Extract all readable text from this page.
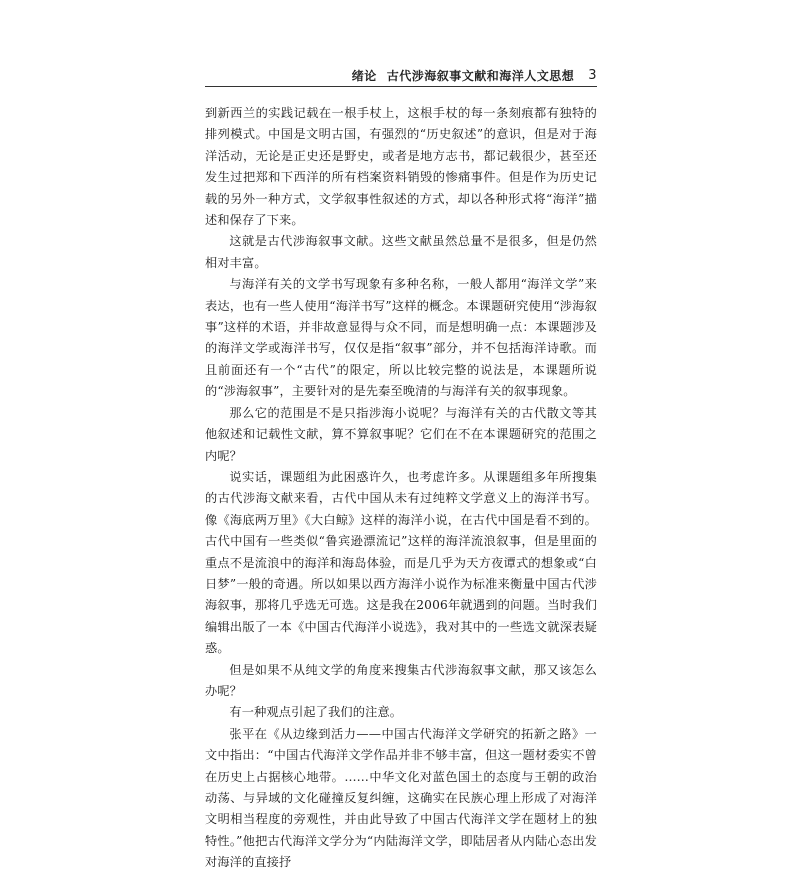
绪论 古代涉海叙事文献和海洋人文思想 3

到新西兰的实践记载在一根手杖上，这根手杖的每一条刻痕都有独特的排列模式。中国是文明古国，有强烈的“历史叙述”的意识，但是对于海洋活动，无论是正史还是野史，或者是地方志书，都记载很少，甚至还发生过把郑和下西洋的所有档案资料销毁的惨痛事件。但是作为历史记载的另外一种方式，文学叙事性叙述的方式，却以各种形式将“海洋”描述和保存了下来。

这就是古代涉海叙事文献。这些文献虽然总量不是很多，但是仍然相对丰富。

与海洋有关的文学书写现象有多种名称，一般人都用“海洋文学”来表达，也有一些人使用“海洋书写”这样的概念。本课题研究使用“涉海叙事”这样的术语，并非故意显得与众不同，而是想明确一点：本课题涉及的海洋文学或海洋书写，仅仅是指“叙事”部分，并不包括海洋诗歌。而且前面还有一个“古代”的限定，所以比较完整的说法是，本课题所说的“涉海叙事”，主要针对的是先秦至晚清的与海洋有关的叙事现象。

那么它的范围是不是只指涉海小说呢？与海洋有关的古代散文等其他叙述和记载性文献，算不算叙事呢？它们在不在本课题研究的范围之内呢？

说实话，课题组为此困惑许久，也考虑许多。从课题组多年所搜集的古代涉海文献来看，古代中国从未有过纯粹文学意义上的海洋书写。像《海底两万里》《大白鲸》这样的海洋小说，在古代中国是看不到的。古代中国有一些类似“鲁宾逊漂流记”这样的海洋流浪叙事，但是里面的重点不是流浪中的海洋和海岛体验，而是几乎为天方夜谭式的想象或“白日梦”一般的奇遇。所以如果以西方海洋小说作为标准来衡量中国古代涉海叙事，那将几乎选无可选。这是我在2006年就遇到的问题。当时我们编辑出版了一本《中国古代海洋小说选》，我对其中的一些选文就深表疑惑。

但是如果不从纯文学的角度来搜集古代涉海叙事文献，那又该怎么办呢？

有一种观点引起了我们的注意。

张平在《从边缘到活力——中国古代海洋文学研究的拓新之路》一文中指出：“中国古代海洋文学作品并非不够丰富，但这一题材委实不曾在历史上占据核心地带。……中华文化对蓝色国土的态度与王朝的政治动荡、与异域的文化碰撞反复纠缠，这确实在民族心理上形成了对海洋文明相当程度的旁观性，并由此导致了中国古代海洋文学在题材上的独特性。”他把古代海洋文学分为“内陆海洋文学，即陆居者从内陆心态出发对海洋的直接抒
